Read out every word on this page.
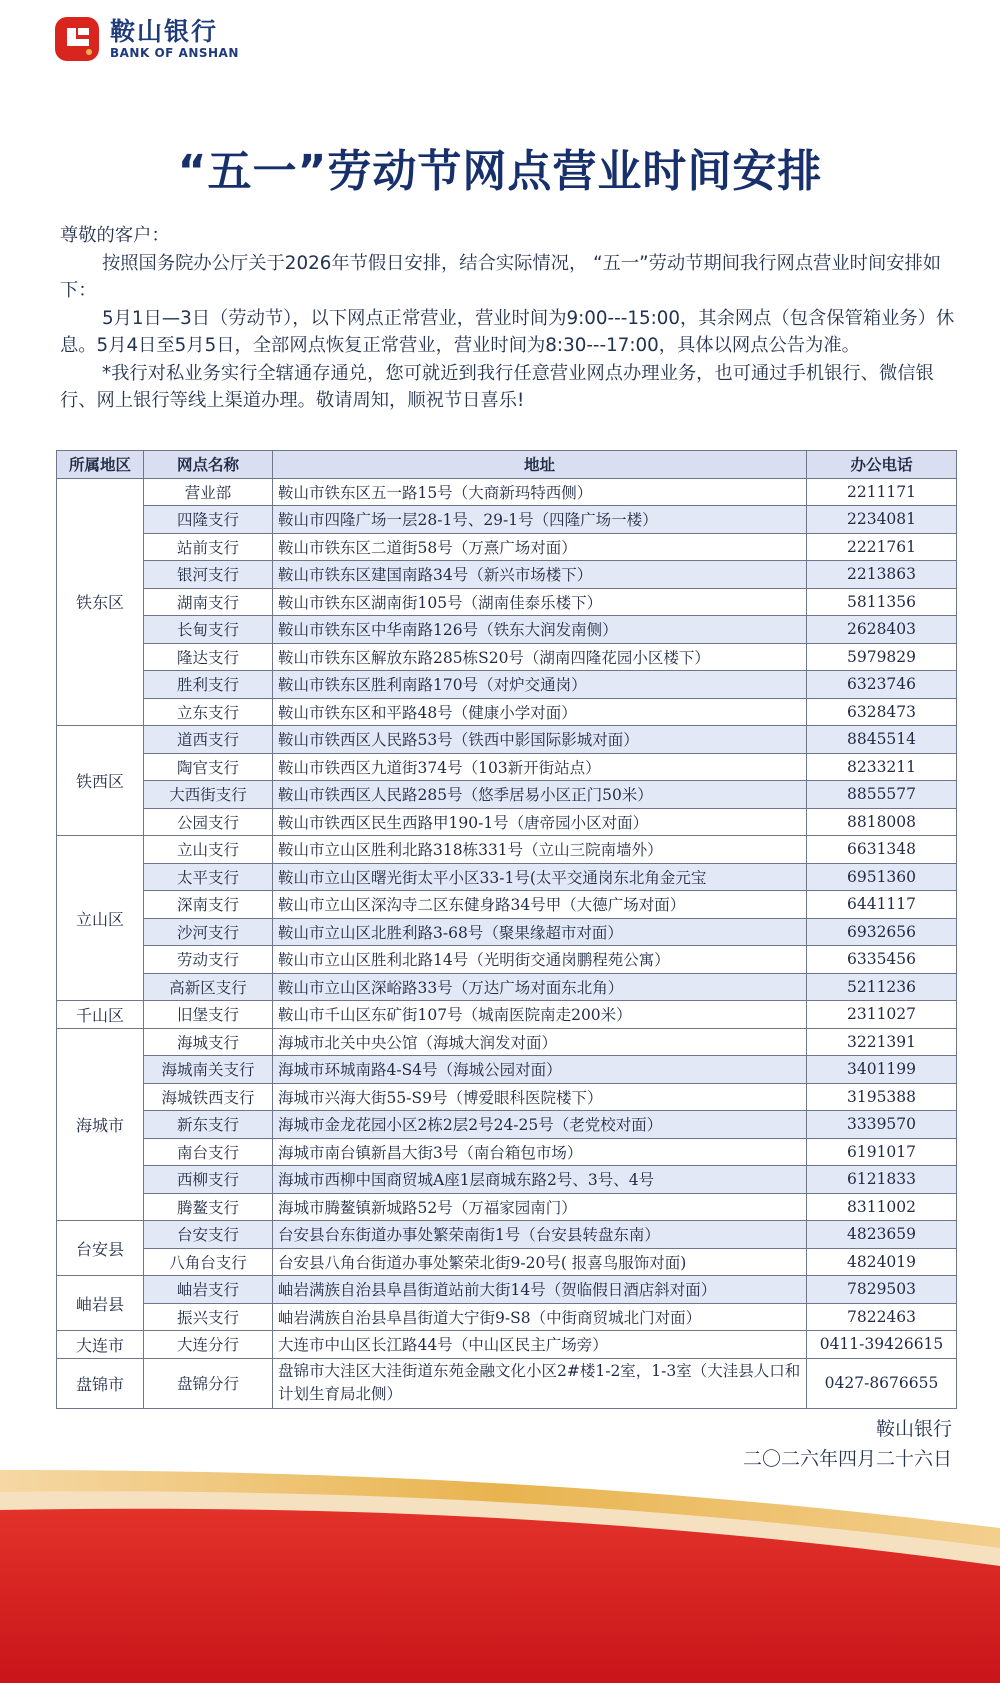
鞍山银行
BANK OF ANSHAN
“五一”劳动节网点营业时间安排

尊敬的客户：

按照国务院办公厅关于2026年节假日安排，结合实际情况， “五一”劳动节期间我行网点营业时间安排如下：

5月1日—3日（劳动节），以下网点正常营业，营业时间为9:00---15:00，其余网点（包含保管箱业务）休息。5月4日至5月5日，全部网点恢复正常营业，营业时间为8:30---17:00，具体以网点公告为准。

*我行对私业务实行全辖通存通兑，您可就近到我行任意营业网点办理业务，也可通过手机银行、微信银行、网上银行等线上渠道办理。敬请周知，顺祝节日喜乐!

所属地区	网点名称	地址	办公电话
铁东区	营业部	鞍山市铁东区五一路15号（大商新玛特西侧）	2211171
	四隆支行	鞍山市四隆广场一层28-1号、29-1号（四隆广场一楼）	2234081
	站前支行	鞍山市铁东区二道街58号（万熹广场对面）	2221761
	银河支行	鞍山市铁东区建国南路34号（新兴市场楼下）	2213863
	湖南支行	鞍山市铁东区湖南街105号（湖南佳泰乐楼下）	5811356
	长甸支行	鞍山市铁东区中华南路126号（铁东大润发南侧）	2628403
	隆达支行	鞍山市铁东区解放东路285栋S20号（湖南四隆花园小区楼下）	5979829
	胜利支行	鞍山市铁东区胜利南路170号（对炉交通岗）	6323746
	立东支行	鞍山市铁东区和平路48号（健康小学对面）	6328473
铁西区	道西支行	鞍山市铁西区人民路53号（铁西中影国际影城对面）	8845514
	陶官支行	鞍山市铁西区九道街374号（103新开街站点）	8233211
	大西街支行	鞍山市铁西区人民路285号（悠季居易小区正门50米）	8855577
	公园支行	鞍山市铁西区民生西路甲190-1号（唐帝园小区对面）	8818008
立山区	立山支行	鞍山市立山区胜利北路318栋331号（立山三院南墙外）	6631348
	太平支行	鞍山市立山区曙光街太平小区33-1号(太平交通岗东北角金元宝	6951360
	深南支行	鞍山市立山区深沟寺二区东健身路34号甲（大德广场对面）	6441117
	沙河支行	鞍山市立山区北胜利路3-68号（聚果缘超市对面）	6932656
	劳动支行	鞍山市立山区胜利北路14号（光明街交通岗鹏程苑公寓）	6335456
	高新区支行	鞍山市立山区深峪路33号（万达广场对面东北角）	5211236
千山区	旧堡支行	鞍山市千山区东矿街107号（城南医院南走200米）	2311027
海城市	海城支行	海城市北关中央公馆（海城大润发对面）	3221391
	海城南关支行	海城市环城南路4-S4号（海城公园对面）	3401199
	海城铁西支行	海城市兴海大街55-S9号（博爱眼科医院楼下）	3195388
	新东支行	海城市金龙花园小区2栋2层2号24-25号（老党校对面）	3339570
	南台支行	海城市南台镇新昌大街3号（南台箱包市场）	6191017
	西柳支行	海城市西柳中国商贸城A座1层商城东路2号、3号、4号	6121833
	腾鳌支行	海城市腾鳌镇新城路52号（万福家园南门）	8311002
台安县	台安支行	台安县台东街道办事处繁荣南街1号（台安县转盘东南）	4823659
	八角台支行	台安县八角台街道办事处繁荣北街9-20号( 报喜鸟服饰对面)	4824019
岫岩县	岫岩支行	岫岩满族自治县阜昌街道站前大街14号（贺临假日酒店斜对面）	7829503
	振兴支行	岫岩满族自治县阜昌街道大宁街9-S8（中街商贸城北门对面）	7822463
大连市	大连分行	大连市中山区长江路44号（中山区民主广场旁）	0411-39426615
盘锦市	盘锦分行	盘锦市大洼区大洼街道东苑金融文化小区2#楼1-2室，1-3室（大洼县人口和计划生育局北侧）	0427-8676655
鞍山银行
二〇二六年四月二十六日
